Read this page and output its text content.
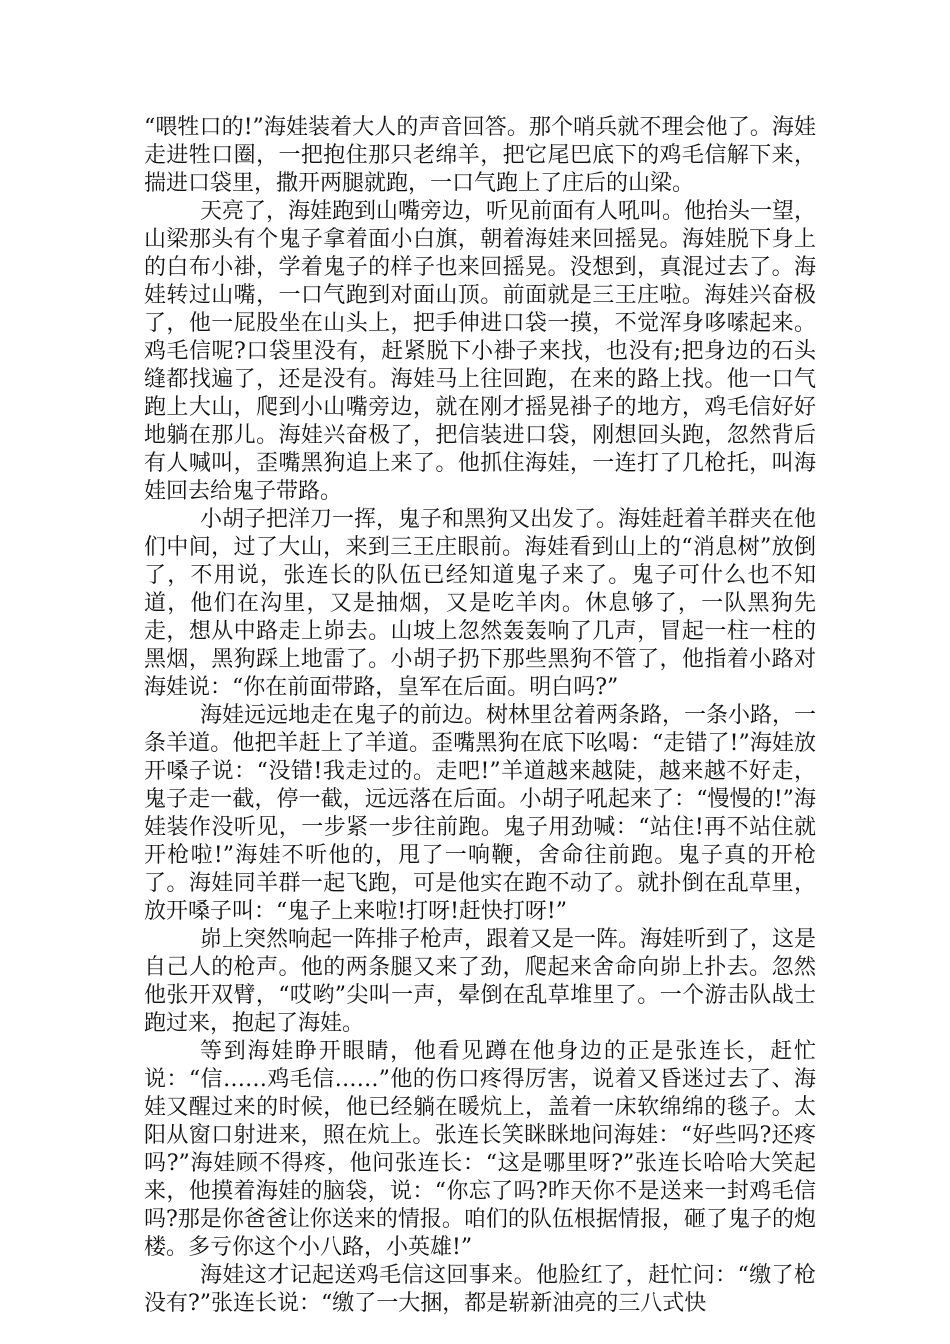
“喂牲口的!”海娃装着大人的声音回答。那个哨兵就不理会他了。海娃走进牲口圈，一把抱住那只老绵羊，把它尾巴底下的鸡毛信解下来，揣进口袋里，撒开两腿就跑，一口气跑上了庄后的山梁。

天亮了，海娃跑到山嘴旁边，听见前面有人吼叫。他抬头一望，山梁那头有个鬼子拿着面小白旗，朝着海娃来回摇晃。海娃脱下身上的白布小褂，学着鬼子的样子也来回摇晃。没想到，真混过去了。海娃转过山嘴，一口气跑到对面山顶。前面就是三王庄啦。海娃兴奋极了，他一屁股坐在山头上，把手伸进口袋一摸，不觉浑身哆嗦起来。鸡毛信呢?口袋里没有，赶紧脱下小褂子来找，也没有;把身边的石头缝都找遍了，还是没有。海娃马上往回跑，在来的路上找。他一口气跑上大山，爬到小山嘴旁边，就在刚才摇晃褂子的地方，鸡毛信好好地躺在那儿。海娃兴奋极了，把信装进口袋，刚想回头跑，忽然背后有人喊叫，歪嘴黑狗追上来了。他抓住海娃，一连打了几枪托，叫海娃回去给鬼子带路。

小胡子把洋刀一挥，鬼子和黑狗又出发了。海娃赶着羊群夹在他们中间，过了大山，来到三王庄眼前。海娃看到山上的“消息树”放倒了，不用说，张连长的队伍已经知道鬼子来了。鬼子可什么也不知道，他们在沟里，又是抽烟，又是吃羊肉。休息够了，一队黑狗先走，想从中路走上峁去。山坡上忽然轰轰响了几声，冒起一柱一柱的黑烟，黑狗踩上地雷了。小胡子扔下那些黑狗不管了，他指着小路对海娃说：“你在前面带路，皇军在后面。明白吗?”

海娃远远地走在鬼子的前边。树林里岔着两条路，一条小路，一条羊道。他把羊赶上了羊道。歪嘴黑狗在底下吆喝：“走错了!”海娃放开嗓子说：“没错!我走过的。走吧!”羊道越来越陡，越来越不好走，鬼子走一截，停一截，远远落在后面。小胡子吼起来了：“慢慢的!”海娃装作没听见，一步紧一步往前跑。鬼子用劲喊：“站住!再不站住就开枪啦!”海娃不听他的，甩了一响鞭，舍命往前跑。鬼子真的开枪了。海娃同羊群一起飞跑，可是他实在跑不动了。就扑倒在乱草里，放开嗓子叫：“鬼子上来啦!打呀!赶快打呀!”

峁上突然响起一阵排子枪声，跟着又是一阵。海娃听到了，这是自己人的枪声。他的两条腿又来了劲，爬起来舍命向峁上扑去。忽然他张开双臂，“哎哟”尖叫一声，晕倒在乱草堆里了。一个游击队战士跑过来，抱起了海娃。

等到海娃睁开眼睛，他看见蹲在他身边的正是张连长，赶忙说：“信……鸡毛信……”他的伤口疼得厉害，说着又昏迷过去了、海娃又醒过来的时候，他已经躺在暖炕上，盖着一床软绵绵的毯子。太阳从窗口射进来，照在炕上。张连长笑眯眯地问海娃：“好些吗?还疼吗?”海娃顾不得疼，他问张连长：“这是哪里呀?”张连长哈哈大笑起来，他摸着海娃的脑袋，说：“你忘了吗?昨天你不是送来一封鸡毛信吗?那是你爸爸让你送来的情报。咱们的队伍根据情报，砸了鬼子的炮楼。多亏你这个小八路，小英雄!”

海娃这才记起送鸡毛信这回事来。他脸红了，赶忙问：“缴了枪没有?”张连长说：“缴了一大捆，都是崭新油亮的三八式快
